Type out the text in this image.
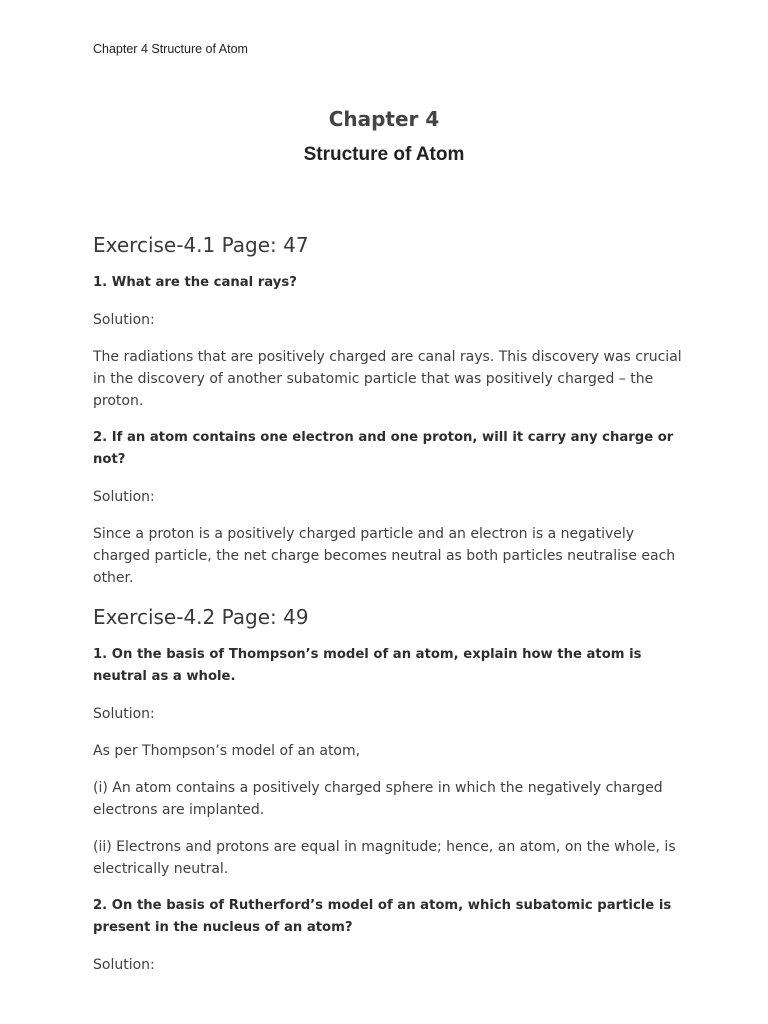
Chapter 4 Structure of Atom
Chapter 4
Structure of Atom
Exercise-4.1 Page: 47
1. What are the canal rays?
Solution:
The radiations that are positively charged are canal rays. This discovery was crucial in the discovery of another subatomic particle that was positively charged – the proton.
2. If an atom contains one electron and one proton, will it carry any charge or not?
Solution:
Since a proton is a positively charged particle and an electron is a negatively charged particle, the net charge becomes neutral as both particles neutralise each other.
Exercise-4.2 Page: 49
1. On the basis of Thompson’s model of an atom, explain how the atom is neutral as a whole.
Solution:
As per Thompson’s model of an atom,
(i) An atom contains a positively charged sphere in which the negatively charged electrons are implanted.
(ii) Electrons and protons are equal in magnitude; hence, an atom, on the whole, is electrically neutral.
2. On the basis of Rutherford’s model of an atom, which subatomic particle is present in the nucleus of an atom?
Solution:
